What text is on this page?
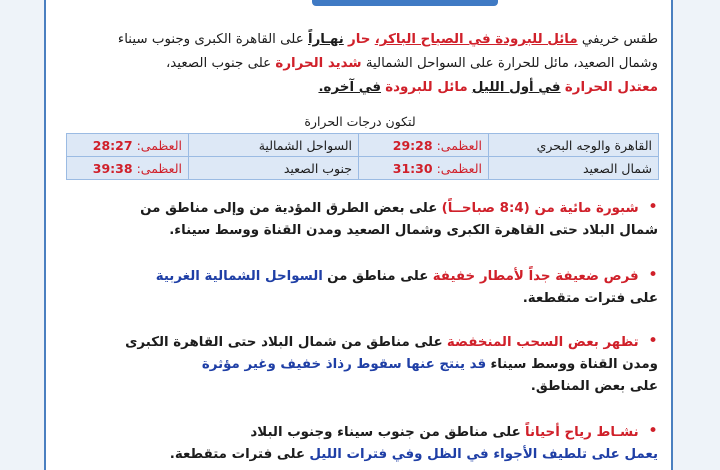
طقس خريفي مائل للبرودة في الصباح الباكر، حار نهـاراً على القاهرة الكبرى وجنوب سيناء
وشمال الصعيد، مائل للحرارة على السواحل الشمالية شديد الحرارة على جنوب الصعيد،
معتدل الحرارة في أول الليل مائل للبرودة في آخره.
لتكون درجات الحرارة
القاهرة والوجه البحري	العظمى:29:28	السواحل الشمالية	العظمى:28:27
شمال الصعيد	العظمى:31:30	جنوب الصعيد	العظمى:39:38
• شبورة مائية من (8:4 صباحــاً) على بعض الطرق المؤدية من وإلى مناطق من
شمال البلاد حتى القاهرة الكبرى وشمال الصعيد ومدن القناة ووسط سيناء.
• فرص ضعيفة جداً لأمطار خفيفة على مناطق من السواحل الشمالية الغربية
على فترات متقطعة.
• تظهر بعض السحب المنخفضة على مناطق من شمال البلاد حتى القاهرة الكبرى
ومدن القناة ووسط سيناء قد ينتج عنها سقوط رذاذ خفيف وغير مؤثرة
على بعض المناطق.
• نشـاط رياح أحياناً على مناطق من جنوب سيناء وجنوب البلاد
يعمل على تلطيف الأجواء في الظل وفي فترات الليل على فترات متقطعة.
